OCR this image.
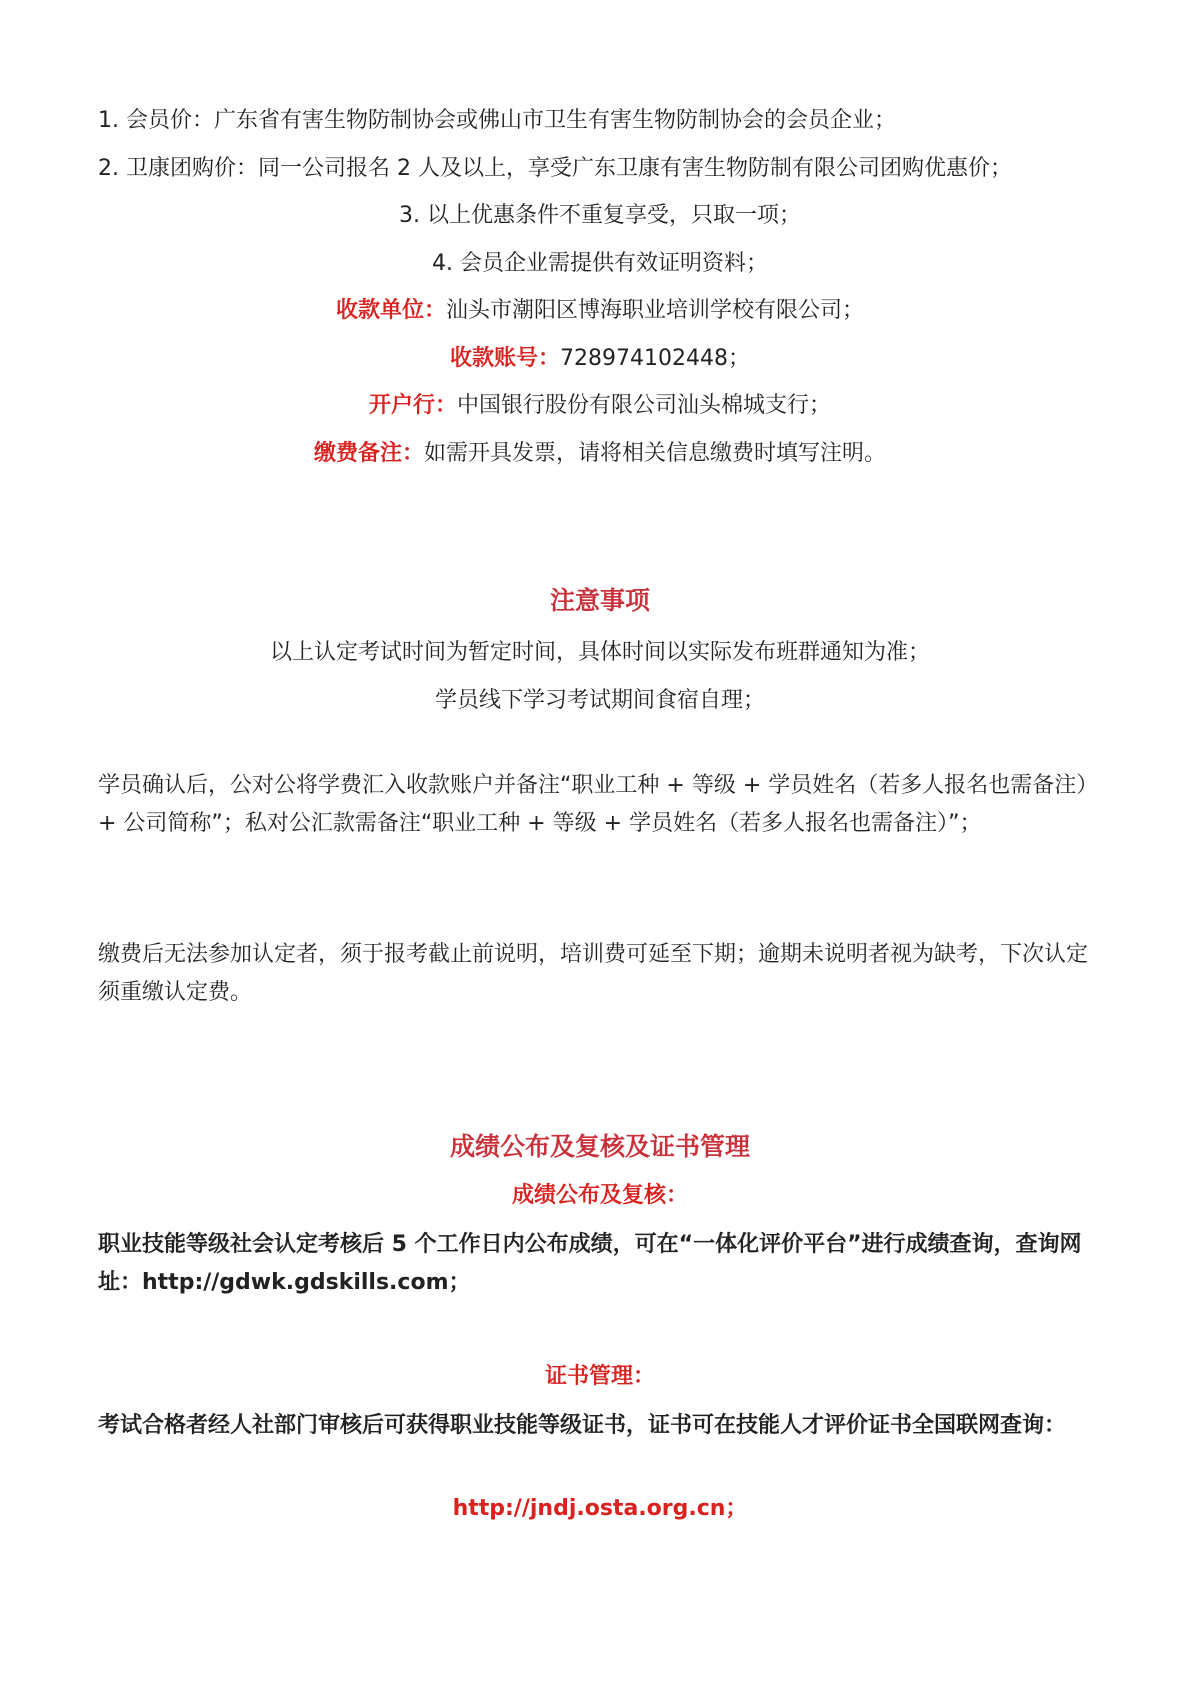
1. 会员价：广东省有害生物防制协会或佛山市卫生有害生物防制协会的会员企业；
2. 卫康团购价：同一公司报名 2 人及以上，享受广东卫康有害生物防制有限公司团购优惠价；
3. 以上优惠条件不重复享受，只取一项；
4. 会员企业需提供有效证明资料；
收款单位：汕头市潮阳区博海职业培训学校有限公司；
收款账号：728974102448；
开户行：中国银行股份有限公司汕头棉城支行；
缴费备注：如需开具发票，请将相关信息缴费时填写注明。
注意事项
以上认定考试时间为暂定时间，具体时间以实际发布班群通知为准；
学员线下学习考试期间食宿自理；
学员确认后，公对公将学费汇入收款账户并备注“职业工种 + 等级 + 学员姓名（若多人报名也需备注）+ 公司简称”；私对公汇款需备注“职业工种 + 等级 + 学员姓名（若多人报名也需备注）”；
缴费后无法参加认定者，须于报考截止前说明，培训费可延至下期；逾期未说明者视为缺考，下次认定须重缴认定费。
成绩公布及复核及证书管理
成绩公布及复核：
职业技能等级社会认定考核后 5 个工作日内公布成绩，可在“一体化评价平台”进行成绩查询，查询网址：http://gdwk.gdskills.com；
证书管理：
考试合格者经人社部门审核后可获得职业技能等级证书，证书可在技能人才评价证书全国联网查询：
http://jndj.osta.org.cn；
